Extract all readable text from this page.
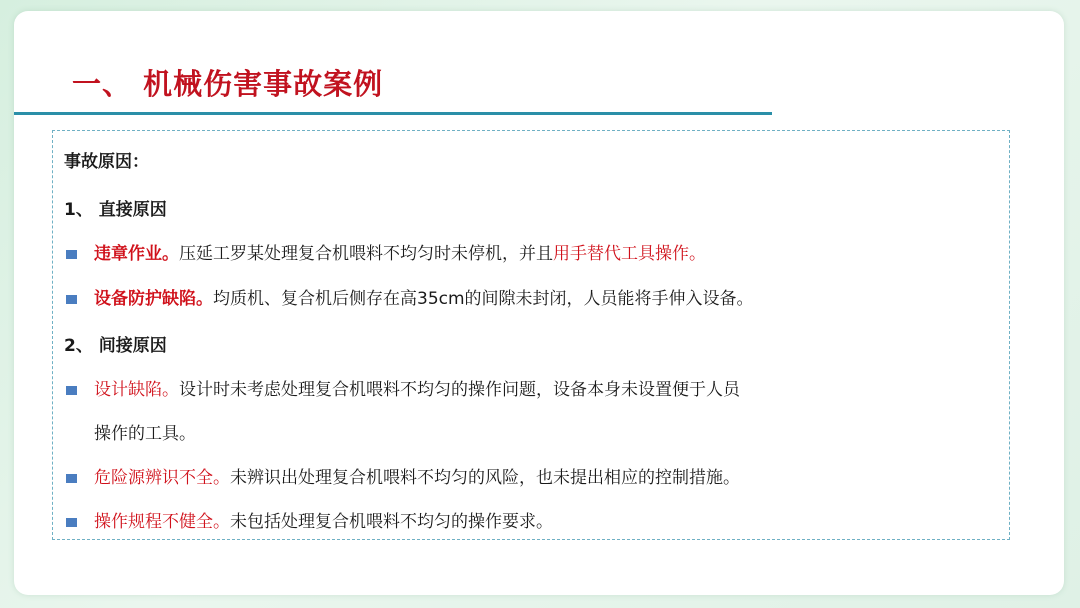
一、 机械伤害事故案例
事故原因：
1、 直接原因
违章作业。压延工罗某处理复合机喂料不均匀时未停机，并且用手替代工具操作。
设备防护缺陷。均质机、复合机后侧存在高35cm的间隙未封闭，人员能将手伸入设备。
2、 间接原因
设计缺陷。设计时未考虑处理复合机喂料不均匀的操作问题，设备本身未设置便于人员
操作的工具。
危险源辨识不全。未辨识出处理复合机喂料不均匀的风险，也未提出相应的控制措施。
操作规程不健全。未包括处理复合机喂料不均匀的操作要求。
